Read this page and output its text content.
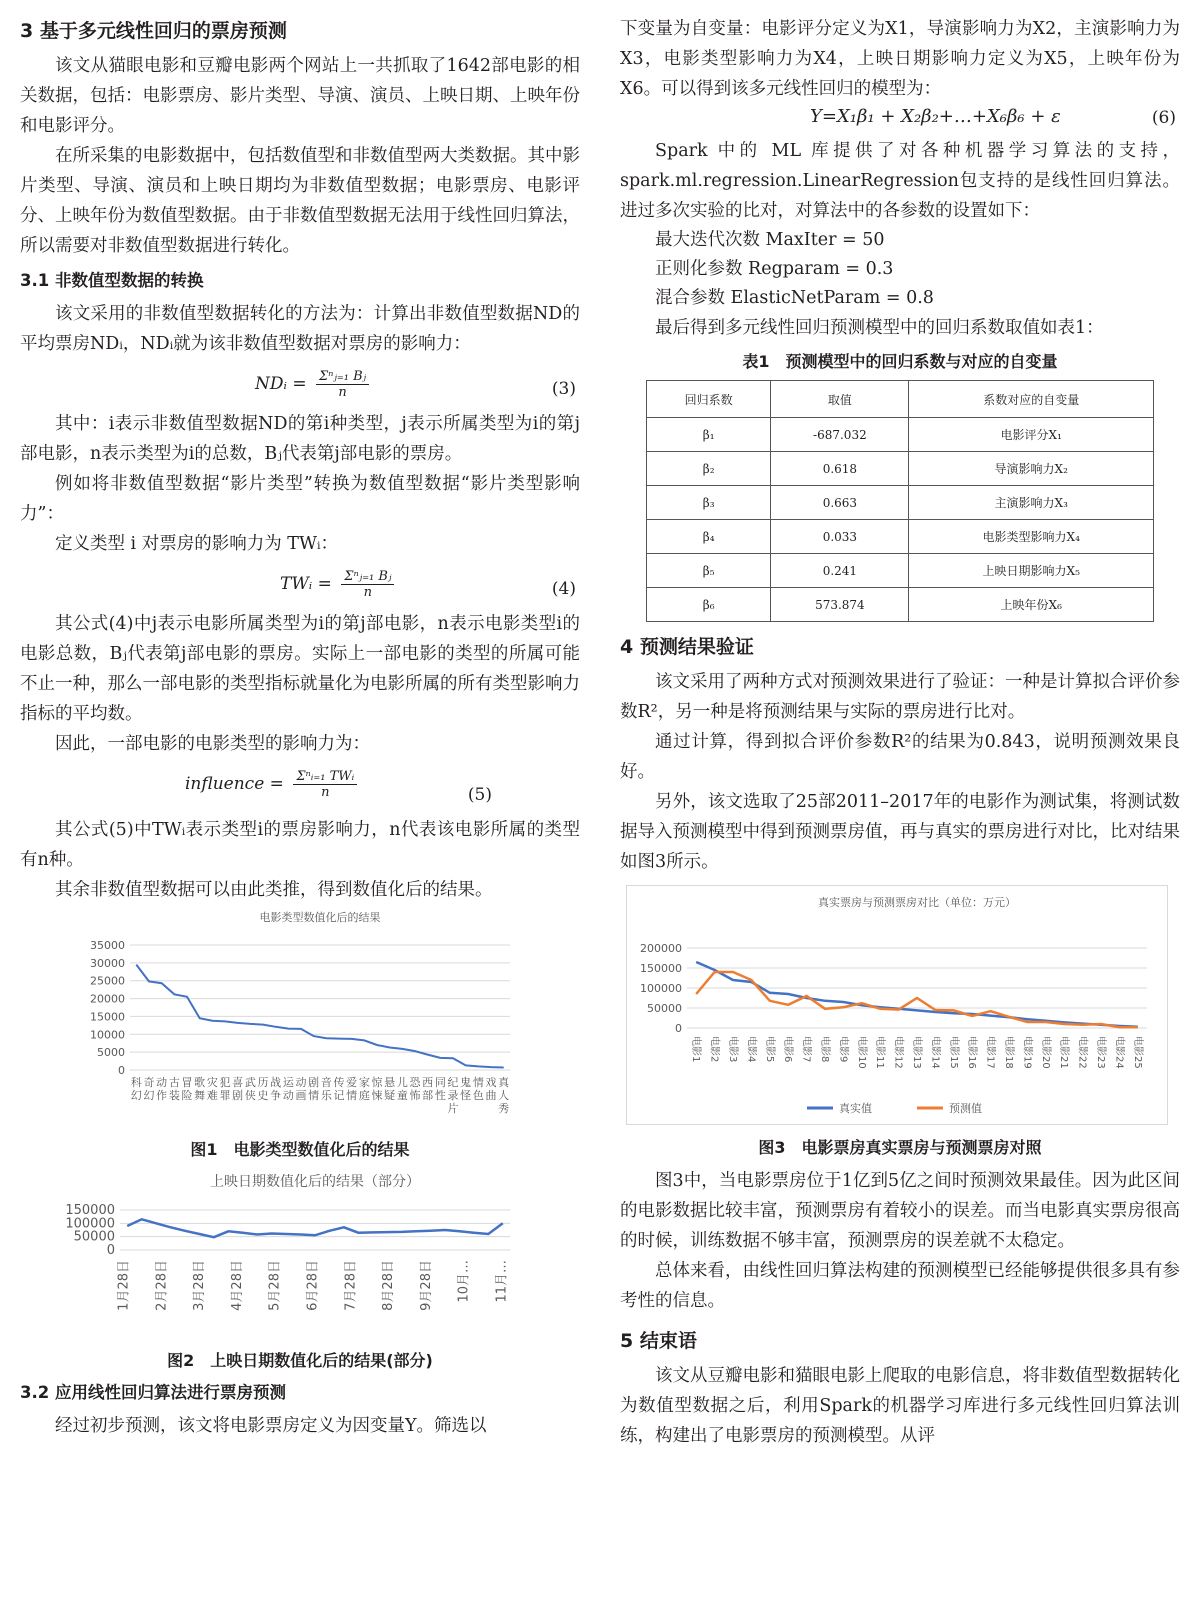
3 基于多元线性回归的票房预测

该文从猫眼电影和豆瓣电影两个网站上一共抓取了1642部电影的相关数据，包括：电影票房、影片类型、导演、演员、上映日期、上映年份和电影评分。

在所采集的电影数据中，包括数值型和非数值型两大类数据。其中影片类型、导演、演员和上映日期均为非数值型数据；电影票房、电影评分、上映年份为数值型数据。由于非数值型数据无法用于线性回归算法，所以需要对非数值型数据进行转化。

3.1 非数值型数据的转换

该文采用的非数值型数据转化的方法为：计算出非数值型数据ND的平均票房NDᵢ，NDᵢ就为该非数值型数据对票房的影响力：

NDᵢ = $\frac{\text{Σⁿⱼ₌₁ Bⱼ}}{n}$	(3)

其中：i表示非数值型数据ND的第i种类型，j表示所属类型为i的第j部电影，n表示类型为i的总数，Bⱼ代表第j部电影的票房。

例如将非数值型数据“影片类型”转换为数值型数据“影片类型影响力”：

定义类型 i 对票房的影响力为 TWᵢ：

TWᵢ = $\frac{\text{Σⁿⱼ₌₁ Bⱼ}}{n}$	(4)

其公式(4)中j表示电影所属类型为i的第j部电影，n表示电影类型i的电影总数，Bⱼ代表第j部电影的票房。实际上一部电影的类型的所属可能不止一种，那么一部电影的类型指标就量化为电影所属的所有类型影响力指标的平均数。

因此，一部电影的电影类型的影响力为：

influence = $\frac{\text{Σⁿᵢ₌₁ TWᵢ}}{n}$	(5)

其公式(5)中TWᵢ表示类型i的票房影响力，n代表该电影所属的类型有n种。

其余非数值型数据可以由此类推，得到数值化后的结果。

电影类型数值化后的结果
0
5000
10000
15000
20000
25000
30000
35000
科
幻
奇
幻
动
作
古
装
冒
险
歌
舞
灾
难
犯
罪
喜
剧
武
侠
历
史
战
争
运
动
动
画
剧
情
音
乐
传
记
爱
情
家
庭
惊
悚
悬
疑
儿
童
恐
怖
西
部
同
性
纪
录
片
鬼
怪
情
色
戏
曲
真
人
秀
图1　电影类型数值化后的结果
上映日期数值化后的结果（部分）
0
50000
100000
150000
1月28日 2月28日 3月28日 4月28日 5月28日 6月28日 7月28日 8月28日 9月28日 10月… 11月…
图2　上映日期数值化后的结果(部分)
3.2 应用线性回归算法进行票房预测

经过初步预测，该文将电影票房定义为因变量Y。筛选以

下变量为自变量：电影评分定义为X1，导演影响力为X2，主演影响力为X3，电影类型影响力为X4，上映日期影响力定义为X5，上映年份为X6。可以得到该多元线性回归的模型为：

Y=X₁β₁ + X₂β₂+…+X₆β₆ + ε	(6)

Spark 中的 ML 库提供了对各种机器学习算法的支持，spark.ml.regression.LinearRegression包支持的是线性回归算法。进过多次实验的比对，对算法中的各参数的设置如下：

最大迭代次数 MaxIter = 50
正则化参数 Regparam = 0.3
混合参数 ElasticNetParam = 0.8

最后得到多元线性回归预测模型中的回归系数取值如表1：

表1　预测模型中的回归系数与对应的自变量
回归系数	取值	系数对应的自变量
β₁	-687.032	电影评分X₁
β₂	0.618	导演影响力X₂
β₃	0.663	主演影响力X₃
β₄	0.033	电影类型影响力X₄
β₅	0.241	上映日期影响力X₅
β₆	573.874	上映年份X₆
4 预测结果验证

该文采用了两种方式对预测效果进行了验证：一种是计算拟合评价参数R²，另一种是将预测结果与实际的票房进行比对。

通过计算，得到拟合评价参数R²的结果为0.843，说明预测效果良好。

另外，该文选取了25部2011–2017年的电影作为测试集，将测试数据导入预测模型中得到预测票房值，再与真实的票房进行对比，比对结果如图3所示。

真实票房与预测票房对比（单位：万元）
0
50000
100000
150000
200000
电影1 电影2 电影3 电影4 电影5 电影6 电影7 电影8 电影9 电影10 电影11 电影12 电影13 电影14 电影15 电影16 电影17 电影18 电影19 电影20 电影21 电影22 电影23 电影24 电影25
真实值	预测值
图3　电影票房真实票房与预测票房对照

图3中，当电影票房位于1亿到5亿之间时预测效果最佳。因为此区间的电影数据比较丰富，预测票房有着较小的误差。而当电影真实票房很高的时候，训练数据不够丰富，预测票房的误差就不太稳定。

总体来看，由线性回归算法构建的预测模型已经能够提供很多具有参考性的信息。

5 结束语

该文从豆瓣电影和猫眼电影上爬取的电影信息，将非数值型数据转化为数值型数据之后，利用Spark的机器学习库进行多元线性回归算法训练，构建出了电影票房的预测模型。从评
